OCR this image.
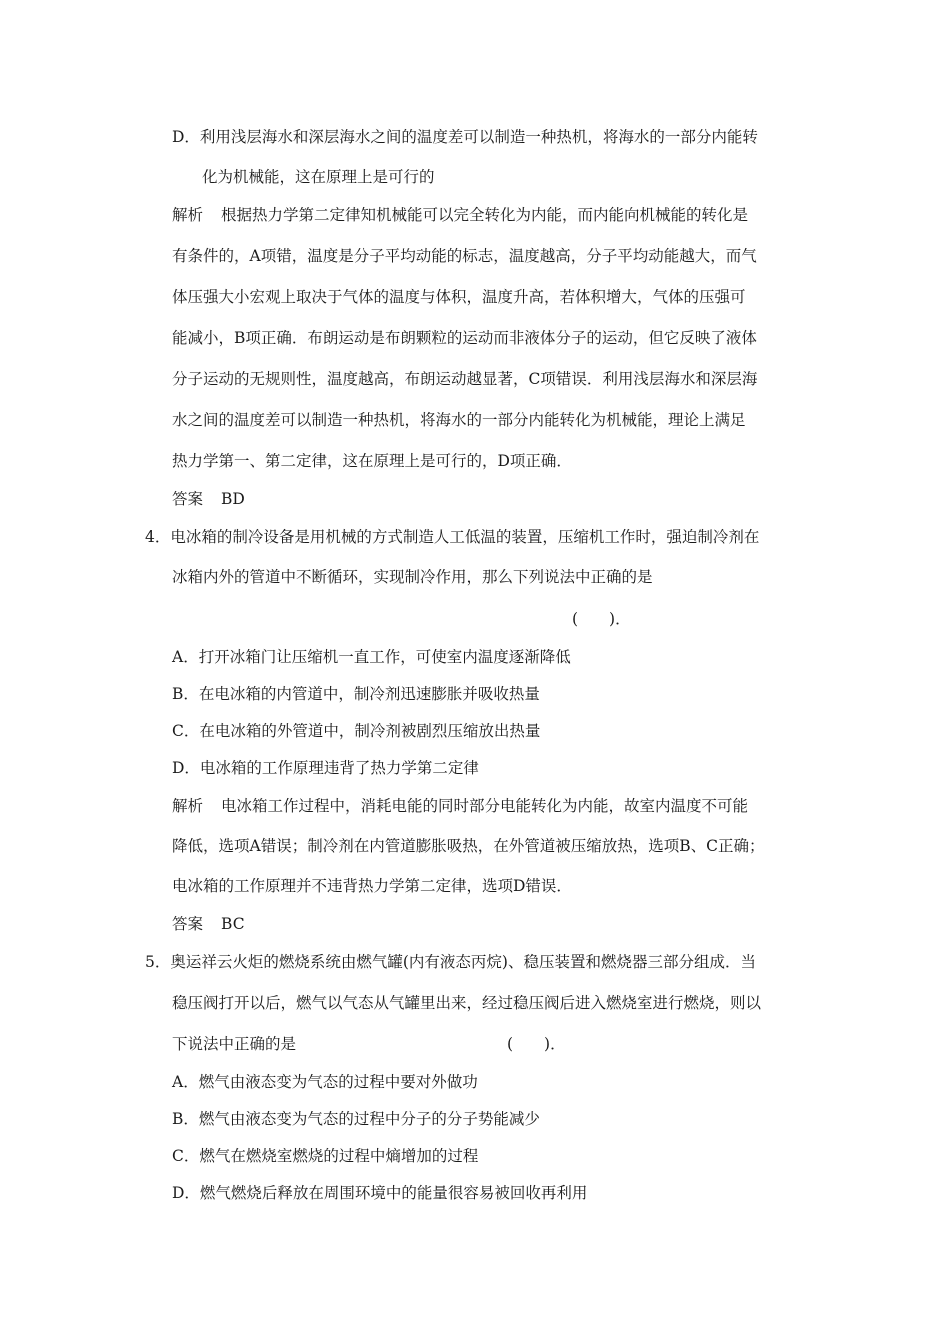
D．利用浅层海水和深层海水之间的温度差可以制造一种热机，将海水的一部分内能转

化为机械能，这在原理上是可行的

解析 根据热力学第二定律知机械能可以完全转化为内能，而内能向机械能的转化是

有条件的，A项错，温度是分子平均动能的标志，温度越高，分子平均动能越大，而气

体压强大小宏观上取决于气体的温度与体积，温度升高，若体积增大，气体的压强可

能减小，B项正确．布朗运动是布朗颗粒的运动而非液体分子的运动，但它反映了液体

分子运动的无规则性，温度越高，布朗运动越显著，C项错误．利用浅层海水和深层海

水之间的温度差可以制造一种热机，将海水的一部分内能转化为机械能，理论上满足

热力学第一、第二定律，这在原理上是可行的，D项正确．

答案 BD

4．电冰箱的制冷设备是用机械的方式制造人工低温的装置，压缩机工作时，强迫制冷剂在

冰箱内外的管道中不断循环，实现制冷作用，那么下列说法中正确的是

(　　)．

A．打开冰箱门让压缩机一直工作，可使室内温度逐渐降低

B．在电冰箱的内管道中，制冷剂迅速膨胀并吸收热量

C．在电冰箱的外管道中，制冷剂被剧烈压缩放出热量

D．电冰箱的工作原理违背了热力学第二定律

解析 电冰箱工作过程中，消耗电能的同时部分电能转化为内能，故室内温度不可能

降低，选项A错误；制冷剂在内管道膨胀吸热，在外管道被压缩放热，选项B、C正确；

电冰箱的工作原理并不违背热力学第二定律，选项D错误．

答案 BC

5．奥运祥云火炬的燃烧系统由燃气罐(内有液态丙烷)、稳压装置和燃烧器三部分组成．当

稳压阀打开以后，燃气以气态从气罐里出来，经过稳压阀后进入燃烧室进行燃烧，则以

下说法中正确的是	(　　)．

A．燃气由液态变为气态的过程中要对外做功

B．燃气由液态变为气态的过程中分子的分子势能减少

C．燃气在燃烧室燃烧的过程中熵增加的过程

D．燃气燃烧后释放在周围环境中的能量很容易被回收再利用
